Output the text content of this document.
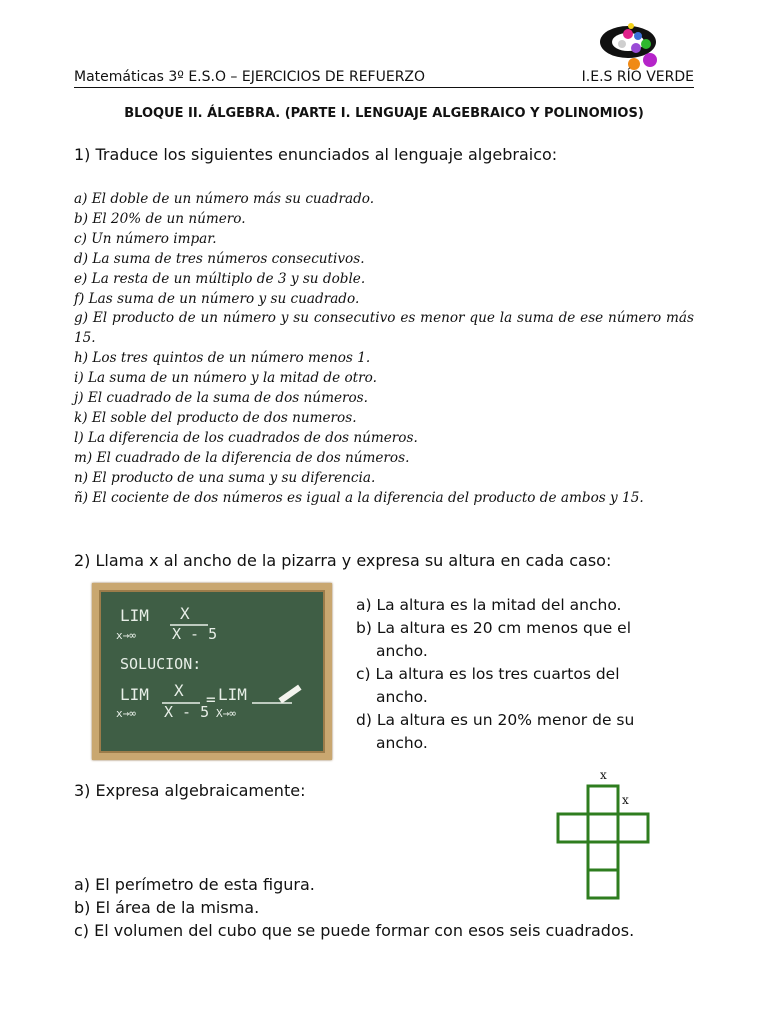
Matemáticas 3º E.S.O – EJERCICIOS DE REFUERZO	I.E.S RÍO VERDE
BLOQUE II. ÁLGEBRA. (PARTE I. LENGUAJE ALGEBRAICO Y POLINOMIOS)
1) Traduce los siguientes enunciados al lenguaje algebraico:
a) El doble de un número más su cuadrado.
b) El 20% de un número.
c) Un número impar.
d) La suma de tres números consecutivos.
e) La resta de un múltiplo de 3 y su doble.
f) Las suma de un número y su cuadrado.
g) El producto de un número y su consecutivo es menor que la suma de ese número más 15.
h) Los tres quintos de un número menos 1.
i) La suma de un número y la mitad de otro.
j) El cuadrado de la suma de dos números.
k) El soble del producto de dos numeros.
l) La diferencia de los cuadrados de dos números.
m) El cuadrado de la diferencia de dos números.
n) El producto de una suma y su diferencia.
ñ) El cociente de dos números es igual a la diferencia del producto de ambos y 15.
2) Llama x al ancho de la pizarra y expresa su altura en cada caso:
LIM
x→∞
X
X - 5
SOLUCION:
LIM
x→∞
X
X - 5
= LIM
X→∞
a) La altura es la mitad del ancho.
b) La altura es 20 cm menos que el ancho.
c) La altura es los tres cuartos del ancho.
d) La altura es un 20% menor de su ancho.
3) Expresa algebraicamente:
x
x
a) El perímetro de esta figura.
b) El área de la misma.
c) El volumen del cubo que se puede formar con esos seis cuadrados.
